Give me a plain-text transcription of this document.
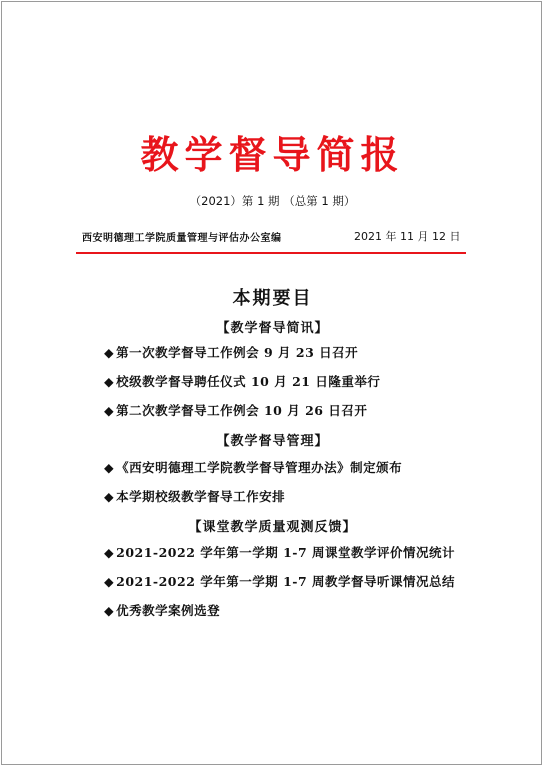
教学督导简报
（2021）第 1 期 （总第 1 期）
西安明德理工学院质量管理与评估办公室编	2021 年 11 月 12 日
本期要目
【教学督导简讯】
◆ 第一次教学督导工作例会 9 月 23 日召开
◆ 校级教学督导聘任仪式 10 月 21 日隆重举行
◆ 第二次教学督导工作例会 10 月 26 日召开
【教学督导管理】
◆ 《西安明德理工学院教学督导管理办法》制定颁布
◆ 本学期校级教学督导工作安排
【课堂教学质量观测反馈】
◆ 2021-2022 学年第一学期 1-7 周课堂教学评价情况统计
◆ 2021-2022 学年第一学期 1-7 周教学督导听课情况总结
◆ 优秀教学案例选登
